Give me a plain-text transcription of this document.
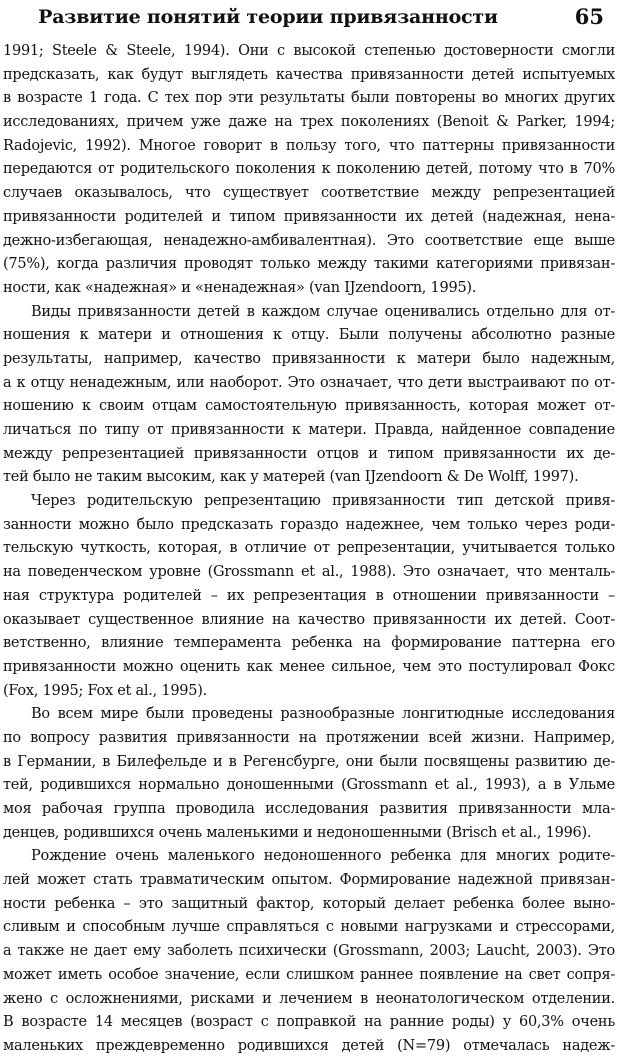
Развитие понятий теории привязанности	65
1991; Steele & Steele, 1994). Они с высокой степенью достоверности смогли
предсказать, как будут выглядеть качества привязанности детей испытуемых
в возрасте 1 года. С тех пор эти результаты были повторены во многих других
исследованиях, причем уже даже на трех поколениях (Benoit & Parker, 1994;
Radojevic, 1992). Многое говорит в пользу того, что паттерны привязанности
передаются от родительского поколения к поколению детей, потому что в 70%
случаев оказывалось, что существует соответствие между репрезентацией
привязанности родителей и типом привязанности их детей (надежная, нена-
дежно-избегающая, ненадежно-амбивалентная). Это соответствие еще выше
(75%), когда различия проводят только между такими категориями привязан-
ности, как «надежная» и «ненадежная» (van IJzendoorn, 1995).
Виды привязанности детей в каждом случае оценивались отдельно для от-
ношения к матери и отношения к отцу. Были получены абсолютно разные
результаты, например, качество привязанности к матери было надежным,
а к отцу ненадежным, или наоборот. Это означает, что дети выстраивают по от-
ношению к своим отцам самостоятельную привязанность, которая может от-
личаться по типу от привязанности к матери. Правда, найденное совпадение
между репрезентацией привязанности отцов и типом привязанности их де-
тей было не таким высоким, как у матерей (van IJzendoorn & De Wolff, 1997).
Через родительскую репрезентацию привязанности тип детской привя-
занности можно было предсказать гораздо надежнее, чем только через роди-
тельскую чуткость, которая, в отличие от репрезентации, учитывается только
на поведенческом уровне (Grossmann et al., 1988). Это означает, что менталь-
ная структура родителей – их репрезентация в отношении привязанности –
оказывает существенное влияние на качество привязанности их детей. Соот-
ветственно, влияние темперамента ребенка на формирование паттерна его
привязанности можно оценить как менее сильное, чем это постулировал Фокс
(Fox, 1995; Fox et al., 1995).
Во всем мире были проведены разнообразные лонгитюдные исследования
по вопросу развития привязанности на протяжении всей жизни. Например,
в Германии, в Билефельде и в Регенсбурге, они были посвящены развитию де-
тей, родившихся нормально доношенными (Grossmann et al., 1993), а в Ульме
моя рабочая группа проводила исследования развития привязанности мла-
денцев, родившихся очень маленькими и недоношенными (Brisch et al., 1996).
Рождение очень маленького недоношенного ребенка для многих родите-
лей может стать травматическим опытом. Формирование надежной привязан-
ности ребенка – это защитный фактор, который делает ребенка более выно-
сливым и способным лучше справляться с новыми нагрузками и стрессорами,
а также не дает ему заболеть психически (Grossmann, 2003; Laucht, 2003). Это
может иметь особое значение, если слишком раннее появление на свет сопря-
жено с осложнениями, рисками и лечением в неонатологическом отделении.
В возрасте 14 месяцев (возраст с поправкой на ранние роды) у 60,3% очень
маленьких преждевременно родившихся детей (N=79) отмечалась надеж-
